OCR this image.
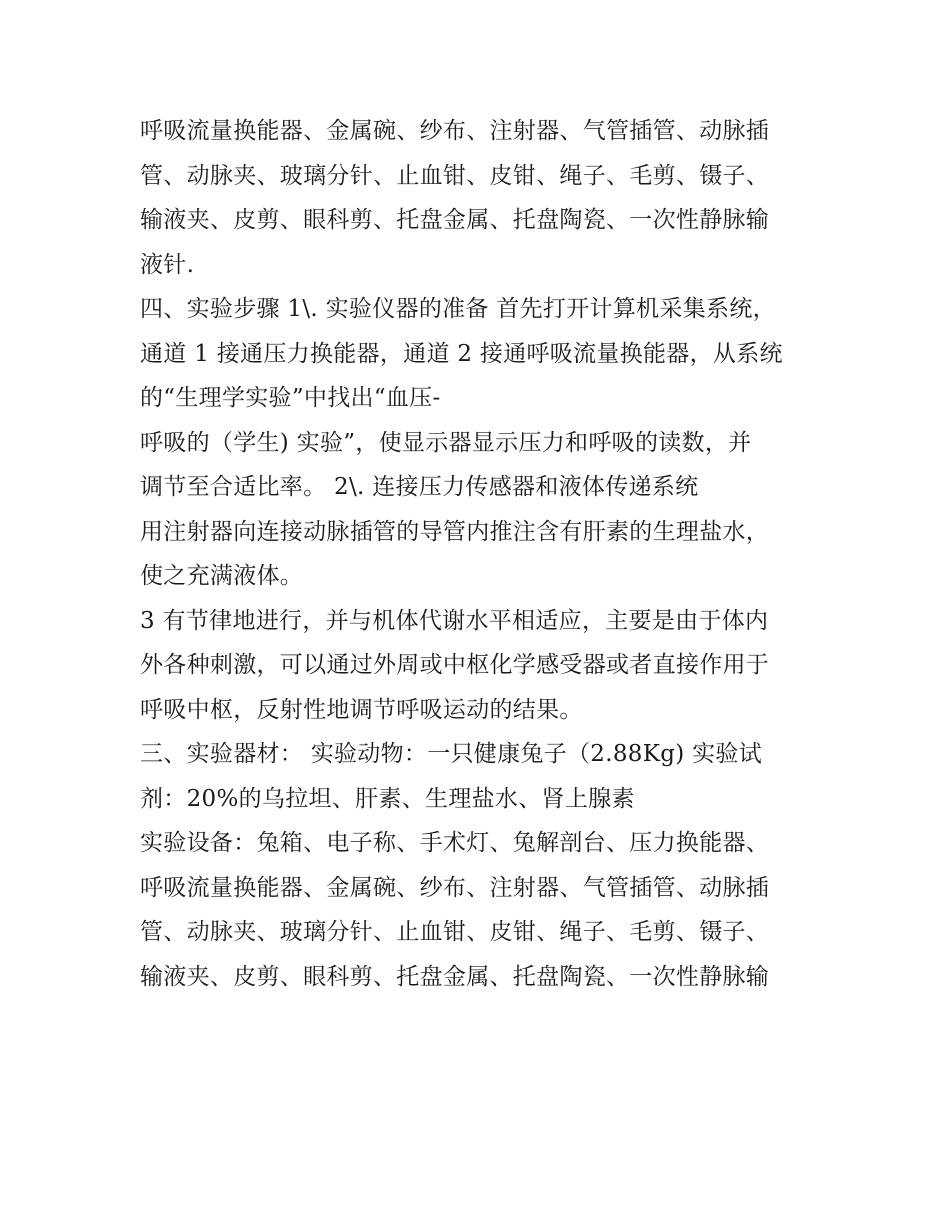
呼吸流量换能器、金属碗、纱布、注射器、气管插管、动脉插
管、动脉夹、玻璃分针、止血钳、皮钳、绳子、毛剪、镊子、
输液夹、皮剪、眼科剪、托盘金属、托盘陶瓷、一次性静脉输
液针.
四、实验步骤 1\. 实验仪器的准备 首先打开计算机采集系统，
通道 1 接通压力换能器，通道 2 接通呼吸流量换能器，从系统
的“生理学实验”中找出“血压-
呼吸的（学生) 实验”，使显示器显示压力和呼吸的读数，并
调节至合适比率。 2\. 连接压力传感器和液体传递系统
用注射器向连接动脉插管的导管内推注含有肝素的生理盐水，
使之充满液体。
3 有节律地进行，并与机体代谢水平相适应，主要是由于体内
外各种刺激，可以通过外周或中枢化学感受器或者直接作用于
呼吸中枢，反射性地调节呼吸运动的结果。
三、实验器材： 实验动物：一只健康兔子（2.88Kg) 实验试
剂：20%的乌拉坦、肝素、生理盐水、肾上腺素
实验设备：兔箱、电子称、手术灯、兔解剖台、压力换能器、
呼吸流量换能器、金属碗、纱布、注射器、气管插管、动脉插
管、动脉夹、玻璃分针、止血钳、皮钳、绳子、毛剪、镊子、
输液夹、皮剪、眼科剪、托盘金属、托盘陶瓷、一次性静脉输
